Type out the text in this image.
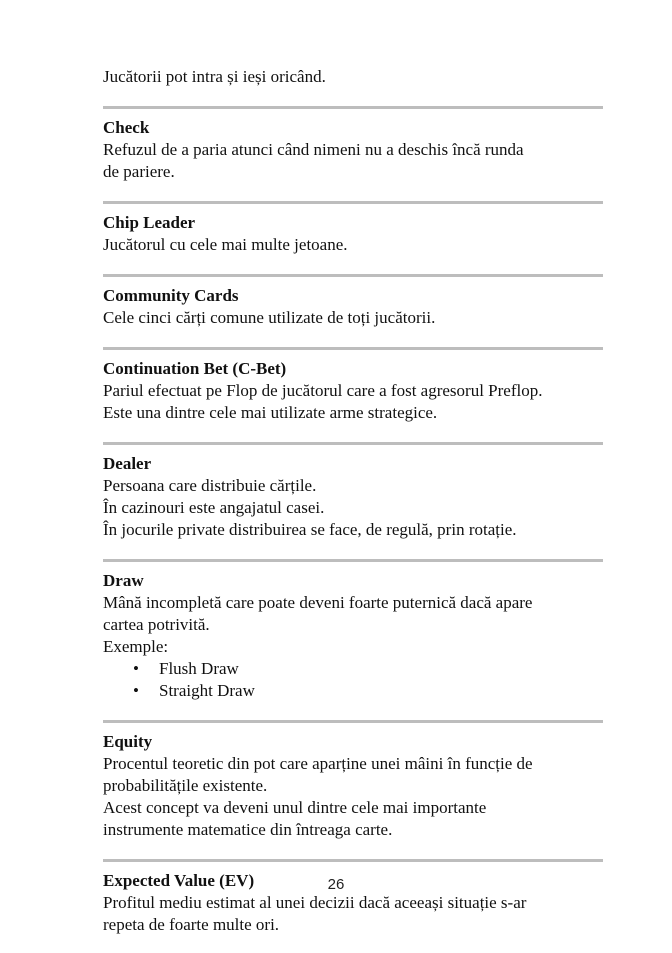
Jucătorii pot intra și ieși oricând.

Check

Refuzul de a paria atunci când nimeni nu a deschis încă runda

de pariere.

Chip Leader

Jucătorul cu cele mai multe jetoane.

Community Cards

Cele cinci cărți comune utilizate de toți jucătorii.

Continuation Bet (C-Bet)

Pariul efectuat pe Flop de jucătorul care a fost agresorul Preflop.

Este una dintre cele mai utilizate arme strategice.

Dealer

Persoana care distribuie cărțile.

În cazinouri este angajatul casei.

În jocurile private distribuirea se face, de regulă, prin rotație.

Draw

Mână incompletă care poate deveni foarte puternică dacă apare

cartea potrivită.

Exemple:

• Flush Draw
• Straight Draw

Equity

Procentul teoretic din pot care aparține unei mâini în funcție de

probabilitățile existente.

Acest concept va deveni unul dintre cele mai importante

instrumente matematice din întreaga carte.

Expected Value (EV)

Profitul mediu estimat al unei decizii dacă aceeași situație s-ar

repeta de foarte multe ori.

26
